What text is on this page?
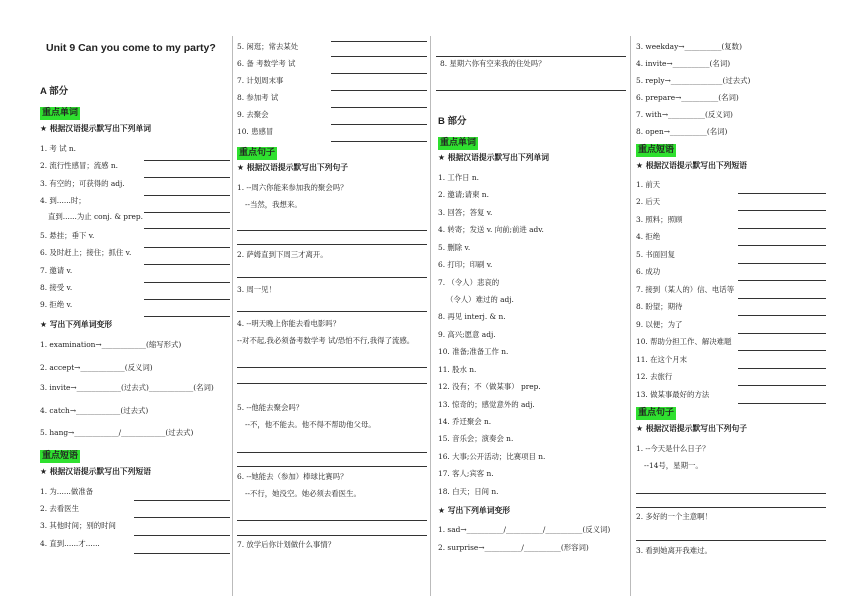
Unit 9 Can you come to my party?
A 部分
重点单词
★ 根据汉语提示默写出下列单词
1. 考 试 n.
2. 流行性感冒；流感 n.
3. 有空的；可获得的 adj.
4. 到......时；
直到......为止 conj. & prep.
5. 悬挂；垂下 v.
6. 及时赶上；接住；抓住 v.
7. 邀请 v.
8. 接受 v.
9. 拒绝 v.
★ 写出下列单词变形
1. examination→____________(缩写形式)
2. accept→____________(反义词)
3. invite→____________(过去式)____________(名词)
4. catch→____________(过去式)
5. hang→____________/____________(过去式)
重点短语
★ 根据汉语提示默写出下列短语
1. 为......做准备
2. 去看医生
3. 其他时间；别的时间
4. 直到......才......
5. 闲逛；常去某处
6. 备 考数学考 试
7. 计划周末事
8. 参加考 试
9. 去聚会
10. 患感冒
重点句子
★ 根据汉语提示默写出下列句子
1. --周六你能来参加我的聚会吗？
--当然，我想来。
2. 萨姆直到下周三才离开。
3. 周一见！
4. --明天晚上你能去看电影吗？
--对不起,我必须备考数学考 试/恐怕不行,我得了流感。
5. --他能去聚会吗？
--不，他不能去。他不得不帮助他父母。
6. --她能去（参加）棒球比赛吗？
--不行，她没空。她必须去看医生。
7. 放学后你计划做什么事情？
8. 星期六你有空来我的住处吗？
B 部分
重点单词
★ 根据汉语提示默写出下列单词
1. 工作日 n.
2. 邀请;请柬 n.
3. 回答；答复 v.
4. 转寄；发送 v. 向前;前进 adv.
5. 删除 v.
6. 打印；印刷 v.
7. （令人）悲哀的
（令人）难过的 adj.
8. 再见 interj. & n.
9. 高兴;愿意 adj.
10. 准备;准备工作 n.
11. 股水 n.
12. 没有；不（做某事） prep.
13. 惊奇的；感觉意外的 adj.
14. 乔迁聚会 n.
15. 音乐会；演奏会 n.
16. 大事;公开活动；比赛项目 n.
17. 客人;宾客 n.
18. 白天；日间 n.
★ 写出下列单词变形
1. sad→__________/__________/__________(反义词)
2. surprise→__________/__________(形容词)
3. weekday→__________(复数)
4. invite→__________(名词)
5. reply→______________(过去式)
6. prepare→__________(名词)
7. with→__________(反义词)
8. open→__________(名词)
重点短语
★ 根据汉语提示默写出下列短语
1. 前天
2. 后天
3. 照料；照顾
4. 拒绝
5. 书面回复
6. 成功
7. 接到（某人的）信、电话等
8. 盼望；期待
9. 以便；为了
10. 帮助分担工作、解决难题
11. 在这个月末
12. 去旅行
13. 做某事最好的方法
重点句子
★ 根据汉语提示默写出下列句子
1. --今天是什么日子？
--14号，星期一。
2. 多好的一个主意啊！
3. 看到她离开我难过。
